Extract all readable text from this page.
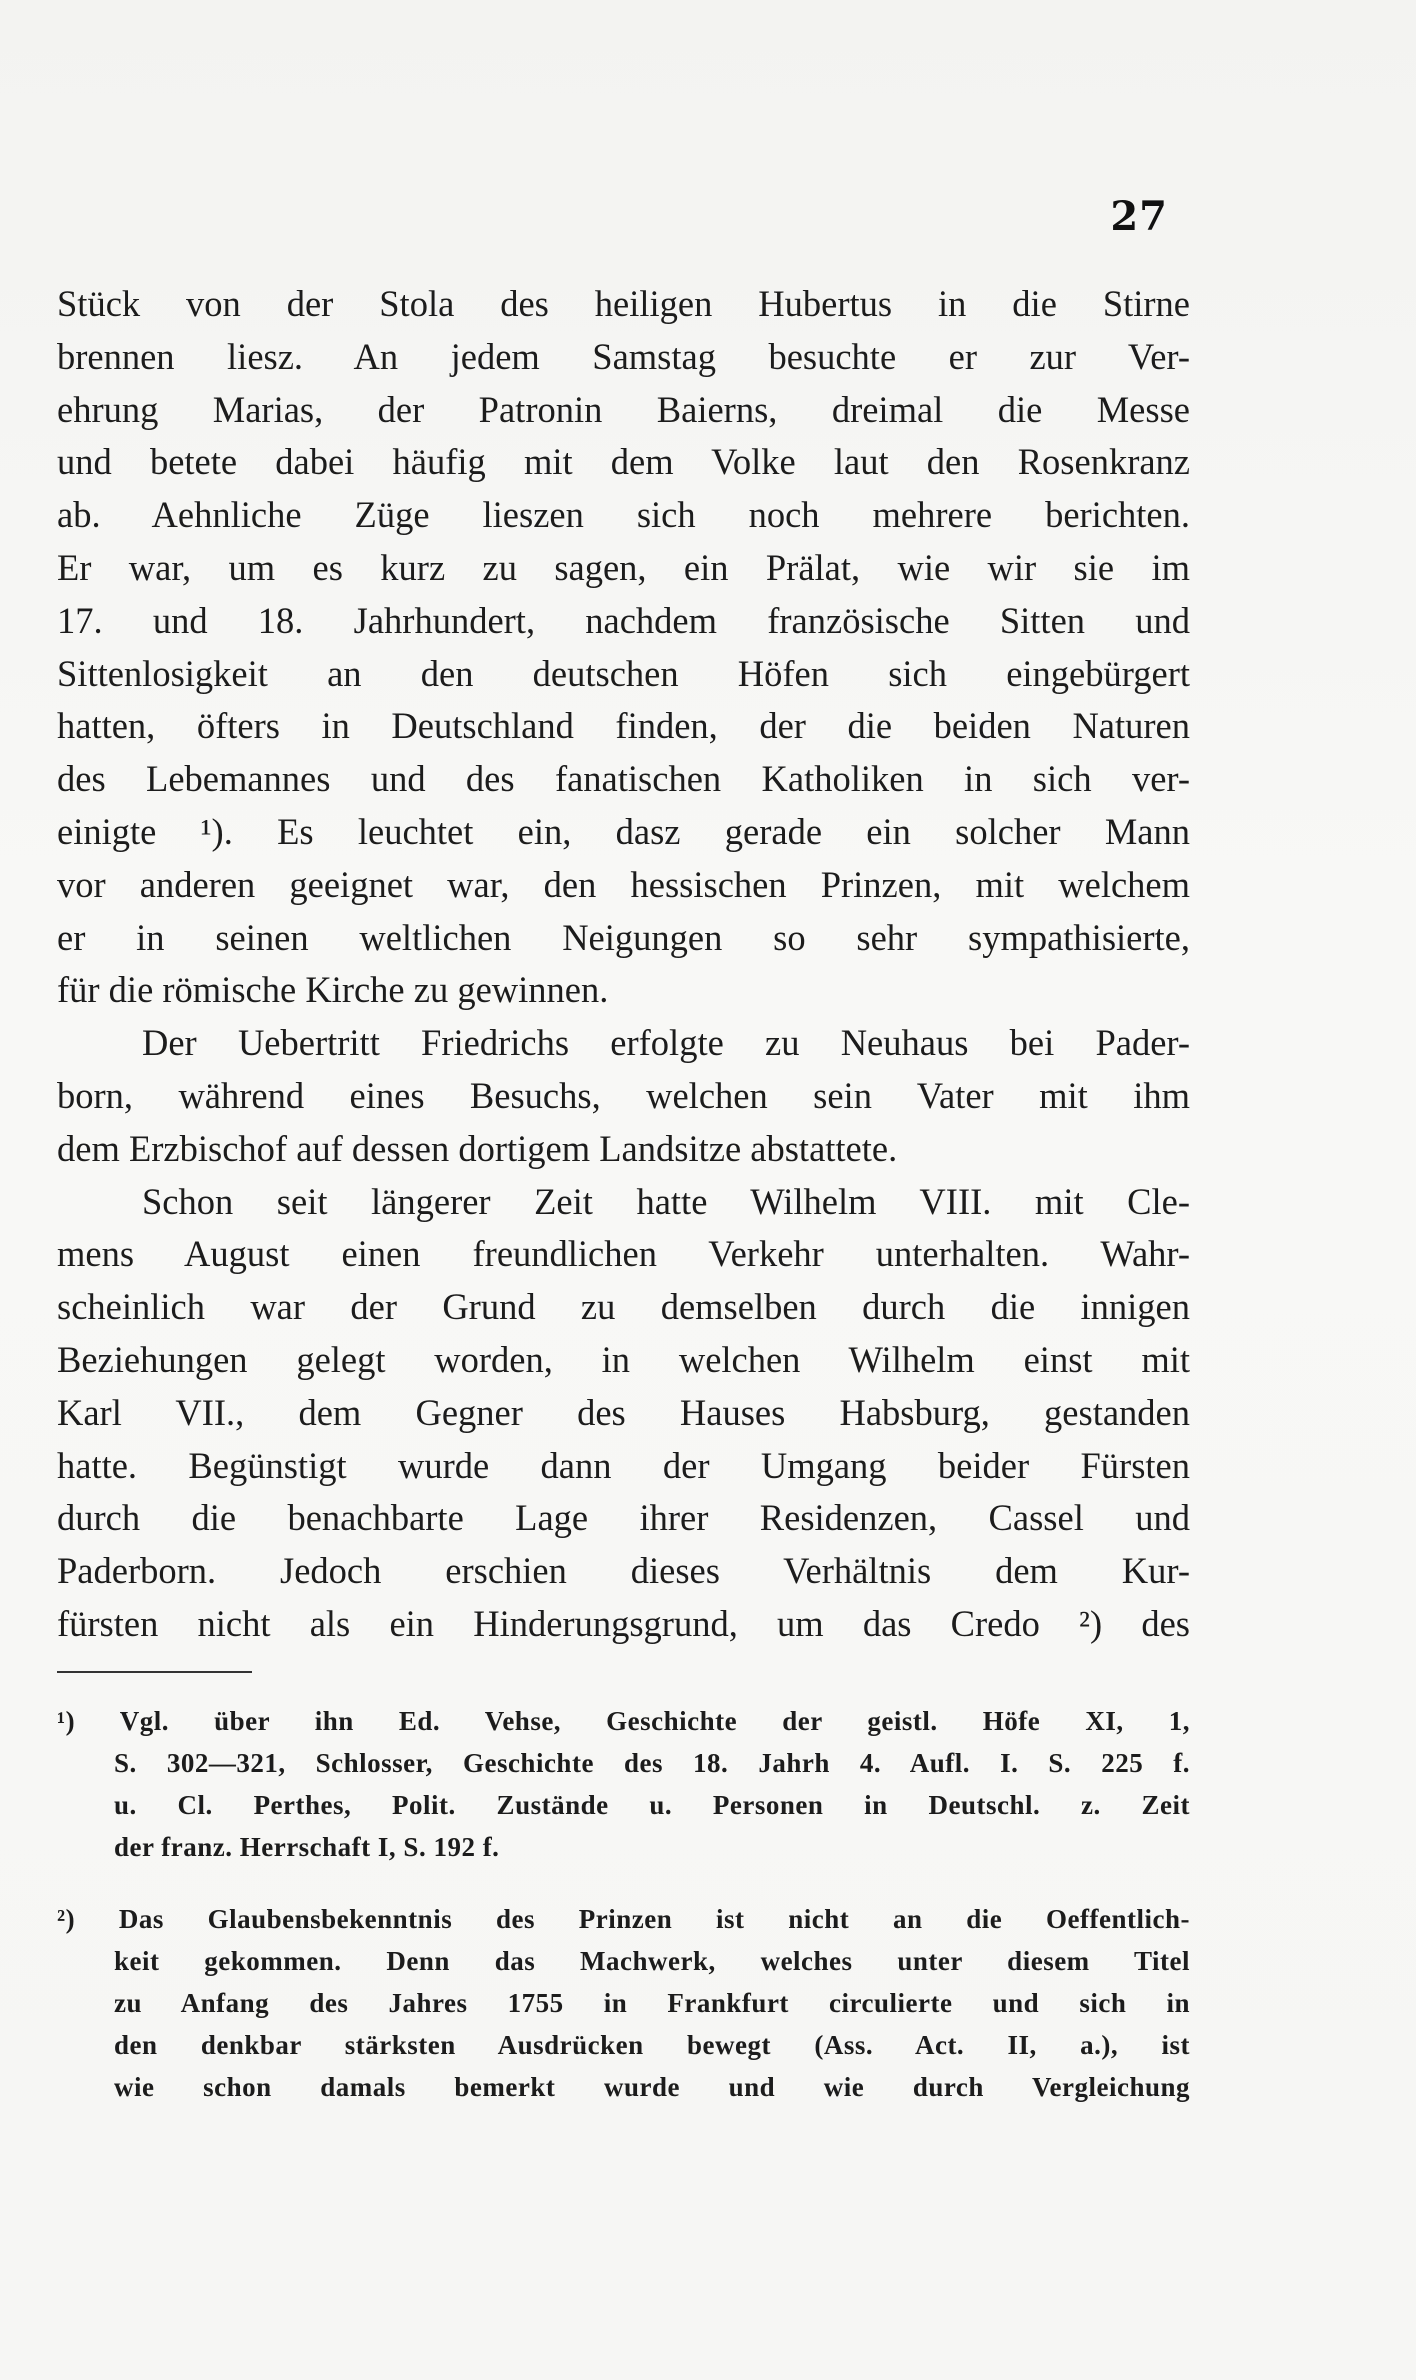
27
Stück von der Stola des heiligen Hubertus in die Stirne
brennen liesz. An jedem Samstag besuchte er zur Ver-
ehrung Marias, der Patronin Baierns, dreimal die Messe
und betete dabei häufig mit dem Volke laut den Rosenkranz
ab. Aehnliche Züge lieszen sich noch mehrere berichten.
Er war, um es kurz zu sagen, ein Prälat, wie wir sie im
17. und 18. Jahrhundert, nachdem französische Sitten und
Sittenlosigkeit an den deutschen Höfen sich eingebürgert
hatten, öfters in Deutschland finden, der die beiden Naturen
des Lebemannes und des fanatischen Katholiken in sich ver-
einigte ¹). Es leuchtet ein, dasz gerade ein solcher Mann
vor anderen geeignet war, den hessischen Prinzen, mit welchem
er in seinen weltlichen Neigungen so sehr sympathisierte,
für die römische Kirche zu gewinnen.
Der Uebertritt Friedrichs erfolgte zu Neuhaus bei Pader-
born, während eines Besuchs, welchen sein Vater mit ihm
dem Erzbischof auf dessen dortigem Landsitze abstattete.
Schon seit längerer Zeit hatte Wilhelm VIII. mit Cle-
mens August einen freundlichen Verkehr unterhalten. Wahr-
scheinlich war der Grund zu demselben durch die innigen
Beziehungen gelegt worden, in welchen Wilhelm einst mit
Karl VII., dem Gegner des Hauses Habsburg, gestanden
hatte. Begünstigt wurde dann der Umgang beider Fürsten
durch die benachbarte Lage ihrer Residenzen, Cassel und
Paderborn. Jedoch erschien dieses Verhältnis dem Kur-
fürsten nicht als ein Hinderungsgrund, um das Credo ²) des
¹) Vgl. über ihn Ed. Vehse, Geschichte der geistl. Höfe XI, 1,
S. 302—321, Schlosser, Geschichte des 18. Jahrh 4. Aufl. I. S. 225 f.
u. Cl. Perthes, Polit. Zustände u. Personen in Deutschl. z. Zeit
der franz. Herrschaft I, S. 192 f.
²) Das Glaubensbekenntnis des Prinzen ist nicht an die Oeffentlich-
keit gekommen. Denn das Machwerk, welches unter diesem Titel
zu Anfang des Jahres 1755 in Frankfurt circulierte und sich in
den denkbar stärksten Ausdrücken bewegt (Ass. Act. II, a.), ist
wie schon damals bemerkt wurde und wie durch Vergleichung
